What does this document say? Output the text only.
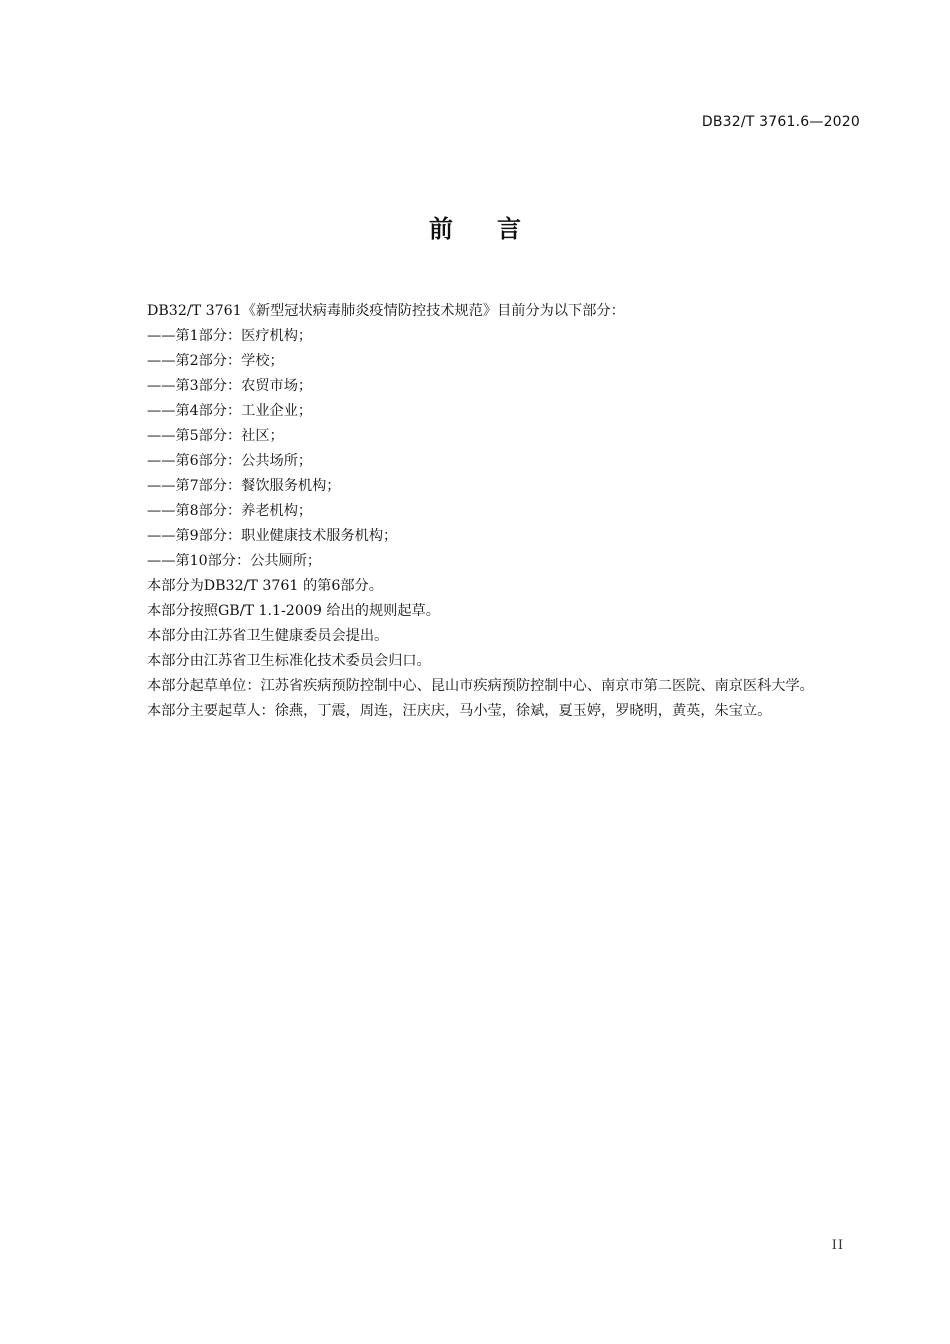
DB32/T 3761.6—2020
前言

DB32/T 3761《新型冠状病毒肺炎疫情防控技术规范》目前分为以下部分：

——第1部分：医疗机构；
——第2部分：学校；
——第3部分：农贸市场；
——第4部分：工业企业；
——第5部分：社区；
——第6部分：公共场所；
——第7部分：餐饮服务机构；
——第8部分：养老机构；
——第9部分：职业健康技术服务机构；
——第10部分：公共厕所；

本部分为DB32/T 3761 的第6部分。

本部分按照GB/T 1.1-2009 给出的规则起草。

本部分由江苏省卫生健康委员会提出。

本部分由江苏省卫生标准化技术委员会归口。

本部分起草单位：江苏省疾病预防控制中心、昆山市疾病预防控制中心、南京市第二医院、南京医科大学。

本部分主要起草人：徐燕，丁震，周连，汪庆庆，马小莹，徐斌，夏玉婷，罗晓明，黄英，朱宝立。

II
